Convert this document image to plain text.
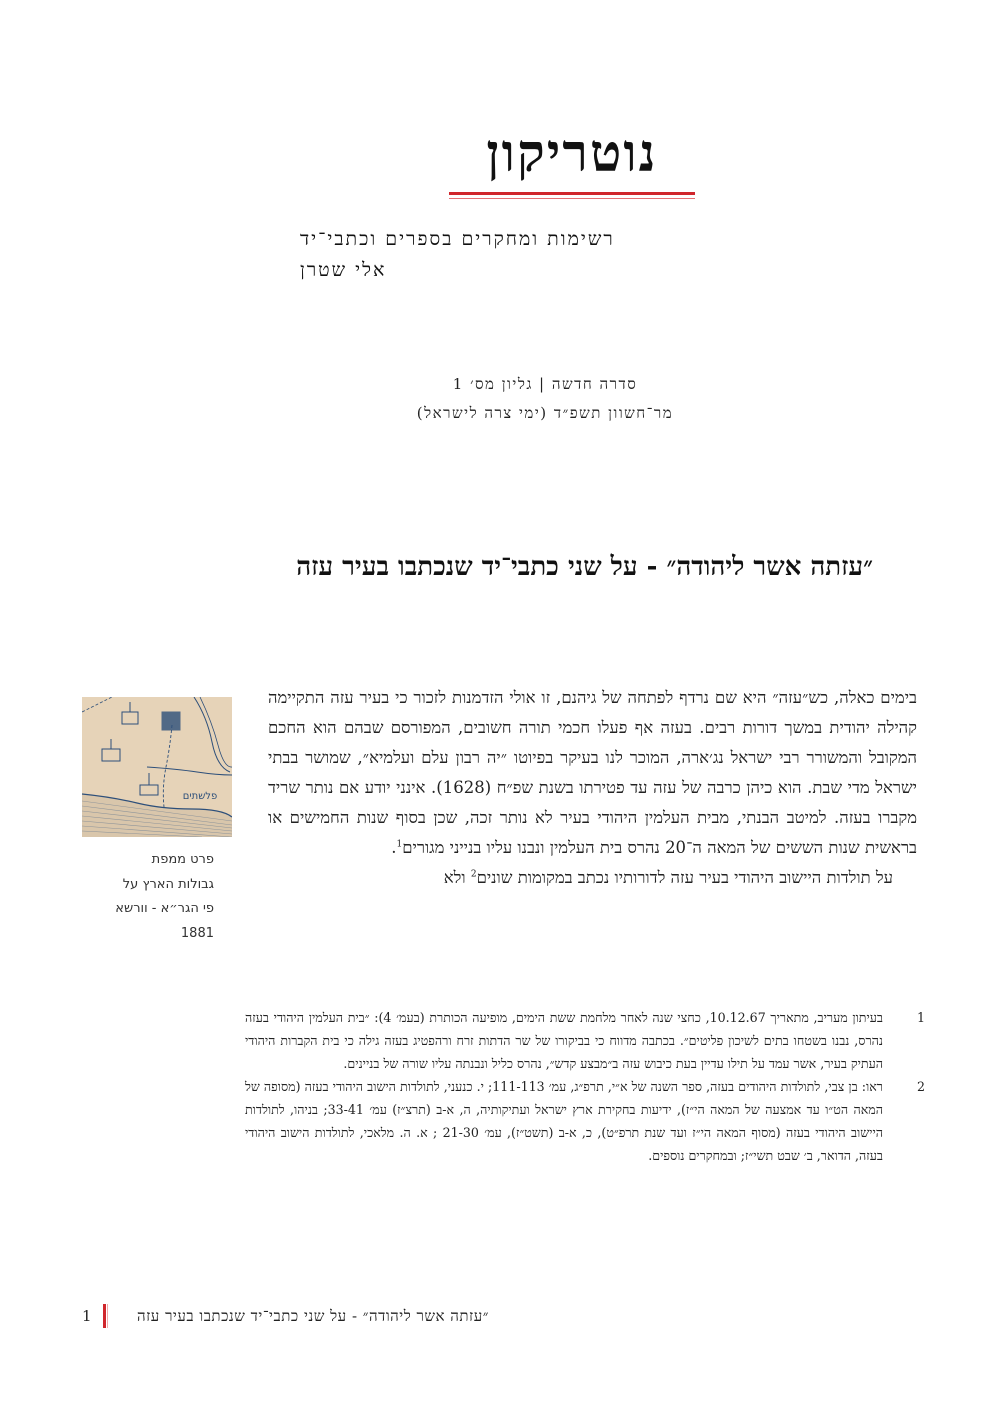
נוטריקון
רשימות ומחקרים בספרים וכתבי־יד
אלי שטרן
סדרה חדשה | גליון מס׳ 1
מר־חשוון תשפ״ד (ימי צרה לישראל)
״עזתה אשר ליהודה״ - על שני כתבי־יד שנכתבו בעיר עזה

בימים כאלה, כש״עזה״ היא שם נרדף לפתחה של גיהנם, זו אולי הזדמנות לזכור כי בעיר עזה התקיימה קהילה יהודית במשך דורות רבים. בעזה אף פעלו חכמי תורה חשובים, המפורסם שבהם הוא החכם המקובל והמשורר רבי ישראל נג׳ארה, המוכר לנו בעיקר בפיוטו ״יה רבון עלם ועלמיא״, שמושר בבתי ישראל מדי שבת. הוא כיהן כרבה של עזה עד פטירתו בשנת שפ״ח (1628). אינני יודע אם נותר שריד מקברו בעזה. למיטב הבנתי, מבית העלמין היהודי בעיר לא נותר זכה, שכן בסוף שנות החמישים או בראשית שנות הששים של המאה ה־20 נהרס בית העלמין ונבנו עליו בנייני מגורים$^1$.

על תולדות היישוב היהודי בעיר עזה לדורותיו נכתב במקומות שונים$^2$ ולא

פלשתים
פרט ממפת
גבולות הארץ על
פי הגר״א - וורשא
1881
1
בעיתון מעריב, מתאריך 10.12.67, כחצי שנה לאחר מלחמת ששת הימים, מופיעה הכותרת (בעמ׳ 4): ״בית העלמין היהודי בעזה נהרס, נבנו בשטחו בתים לשיכון פליטים״. בכתבה מדווח כי בביקורו של שר הדתות זרח ורהפטיג בעזה גילה כי בית הקברות היהודי העתיק בעיר, אשר עמד על תילו עדיין בעת כיבוש עזה ב״מבצע קדש״, נהרס כליל ונבנתה עליו שורה של בניינים.
2
ראו: בן צבי, לתולדות היהודים בעזה, ספר השנה של א״י, תרפ״ג, עמ׳ 111-113; י. כנעני, לתולדות הישוב היהודי בעזה (מסופה של המאה הט״ו עד אמצעה של המאה הי״ז), ידיעות בחקירת ארץ ישראל ועתיקותיה, ה, א-ב (תרצ״ז) עמ׳ 33-41; בניהו, לתולדות היישוב היהודי בעזה (מסוף המאה הי״ז ועד שנת תרפ״ט), כ, א-ב (תשט״ז), עמ׳ 21-30 ; א. ה. מלאכי, לתולדות הישוב היהודי בעזה, הדואר, ב׳ שבט תשי״ז; ובמחקרים נוספים.
1	״עזתה אשר ליהודה״ - על שני כתבי־יד שנכתבו בעיר עזה
